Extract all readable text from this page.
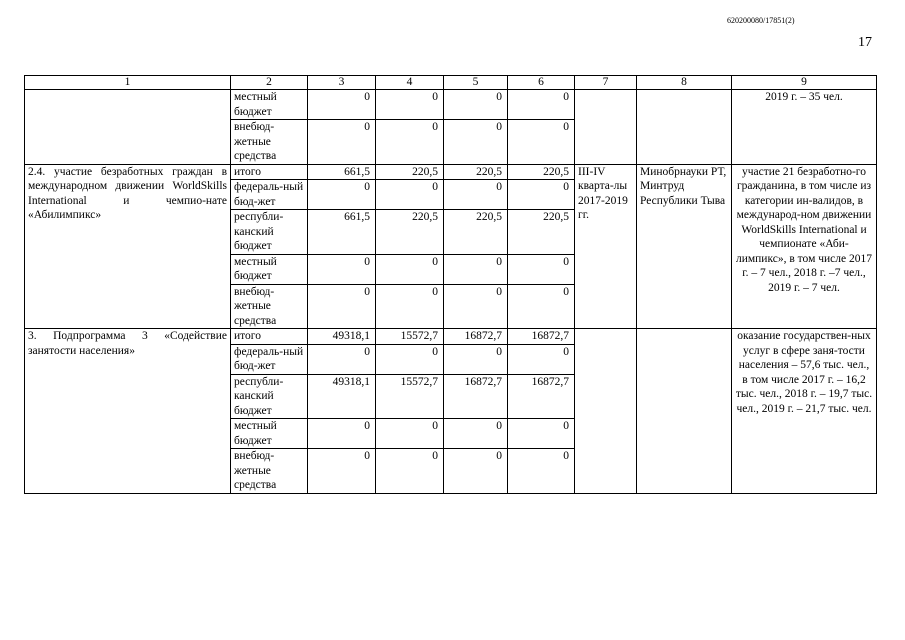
620200080/17851(2)
17
1	2	3	4	5	6	7	8	9
	местный бюджет	0	0	0	0			2019 г. – 35 чел.
	внебюд-жетные средства	0	0	0	0			
2.4. участие безработных граждан в международном движении WorldSkills International и чемпио-нате «Абилимпикс»	итого	661,5	220,5	220,5	220,5	III-IV кварта-лы 2017-2019 гг.	Минобрнауки РТ, Минтруд Республики Тыва	участие 21 безработно-го гражданина, в том числе из категории ин-валидов, в международ-ном движении WorldSkills International и чемпионате «Аби-лимпикс», в том числе 2017 г. – 7 чел., 2018 г. –7 чел., 2019 г. – 7 чел.
	федераль-ный бюд-жет	0	0	0	0			
	республи-канский бюджет	661,5	220,5	220,5	220,5			
	местный бюджет	0	0	0	0			
	внебюд-жетные средства	0	0	0	0			
3. Подпрограмма 3 «Содействие занятости населения»	итого	49318,1	15572,7	16872,7	16872,7			оказание государствен-ных услуг в сфере заня-тости населения – 57,6 тыс. чел., в том числе 2017 г. – 16,2 тыс. чел., 2018 г. – 19,7 тыс. чел., 2019 г. – 21,7 тыс. чел.
	федераль-ный бюд-жет	0	0	0	0			
	республи-канский бюджет	49318,1	15572,7	16872,7	16872,7			
	местный бюджет	0	0	0	0			
	внебюд-жетные средства	0	0	0	0			
